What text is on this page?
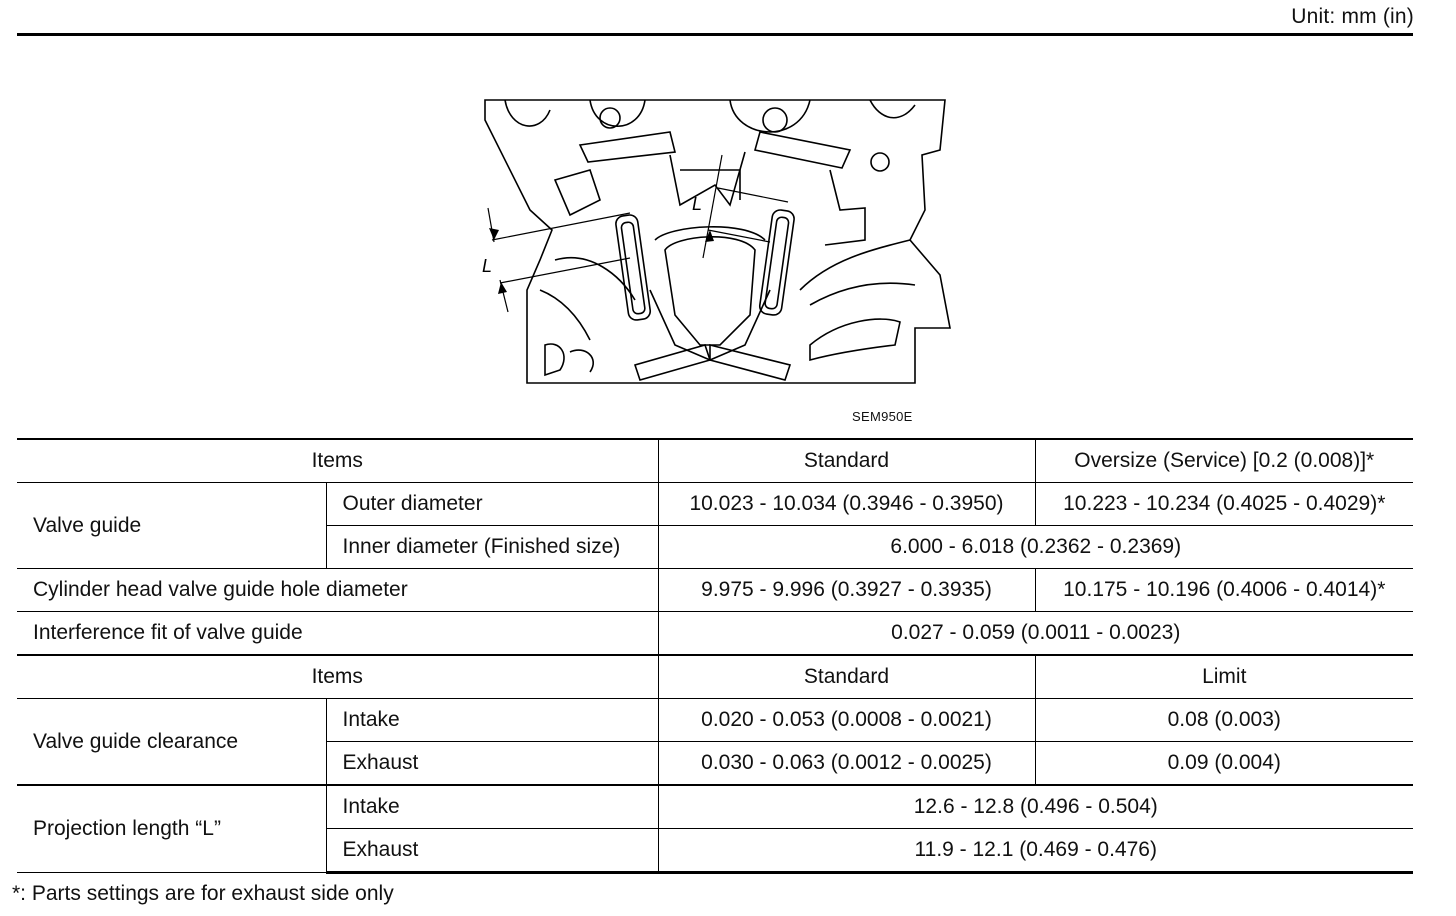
Unit: mm (in)
L
L
SEM950E
Items		Standard	Oversize (Service) [0.2 (0.008)]*
Valve guide	Outer diameter	10.023 - 10.034 (0.3946 - 0.3950)	10.223 - 10.234 (0.4025 - 0.4029)*
	Inner diameter (Finished size)	6.000 - 6.018 (0.2362 - 0.2369)	
Cylinder head valve guide hole diameter		9.975 - 9.996 (0.3927 - 0.3935)	10.175 - 10.196 (0.4006 - 0.4014)*
Interference fit of valve guide		0.027 - 0.059 (0.0011 - 0.0023)	
Items		Standard	Limit
Valve guide clearance	Intake	0.020 - 0.053 (0.0008 - 0.0021)	0.08 (0.003)
	Exhaust	0.030 - 0.063 (0.0012 - 0.0025)	0.09 (0.004)
Projection length “L”	Intake	12.6 - 12.8 (0.496 - 0.504)	
	Exhaust	11.9 - 12.1 (0.469 - 0.476)	
*: Parts settings are for exhaust side only
